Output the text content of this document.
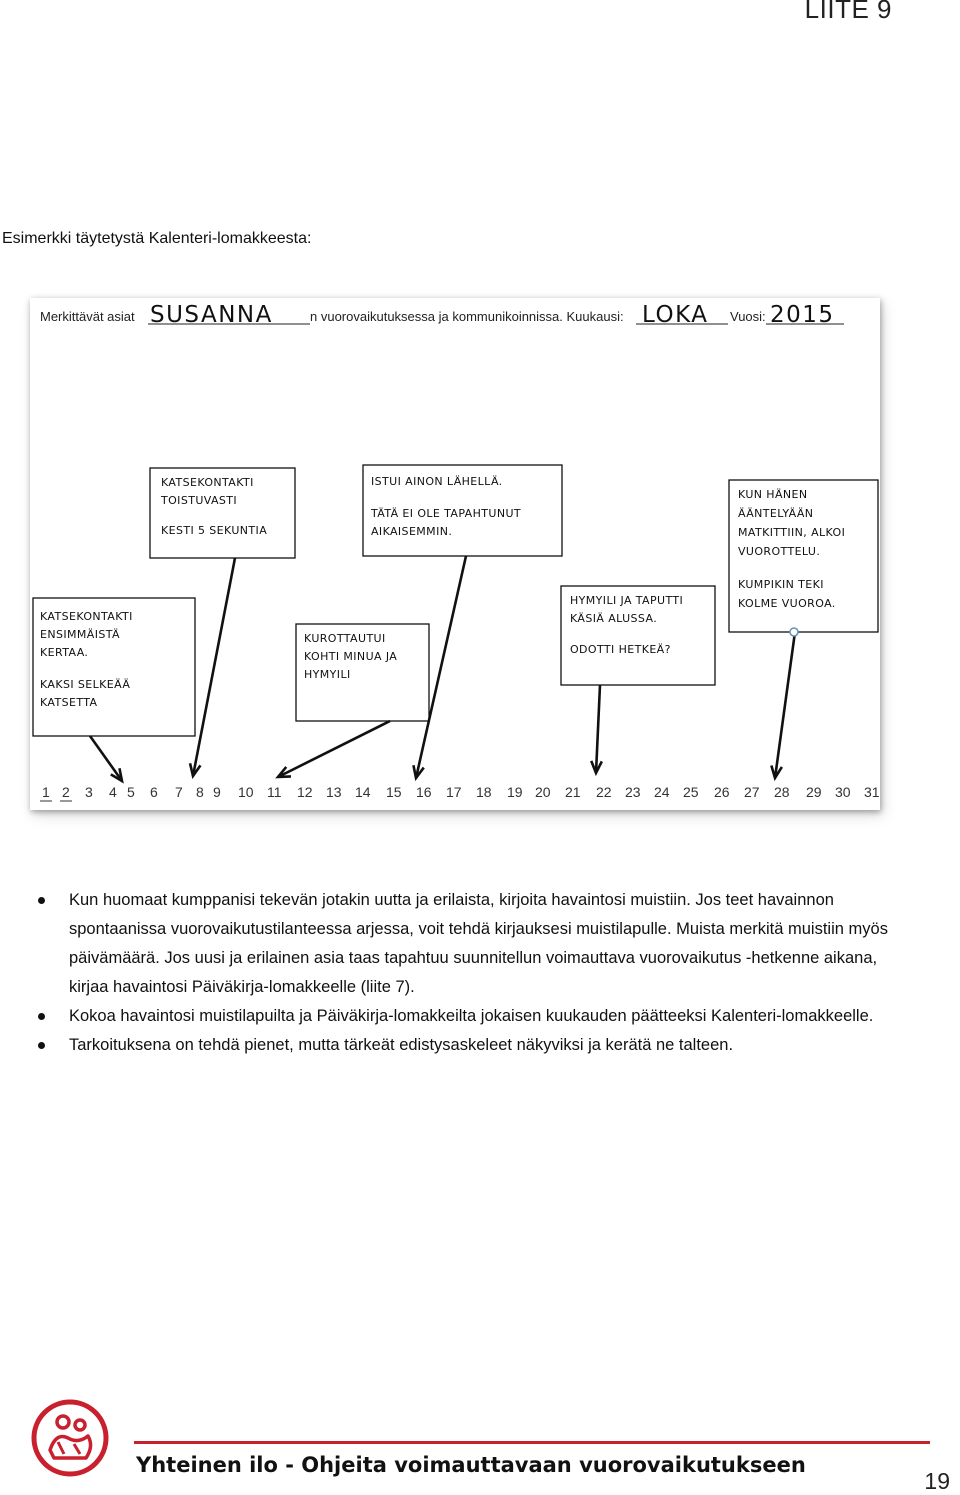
LIITE 9
Esimerkki täytetystä Kalenteri-lomakkeesta:
Merkittävät asiat SUSANNA	n vuorovaikutuksessa ja kommunikoinnissa. Kuukausi: LOKA Vuosi: 2015
KATSEKONTAKTI ENSIMMÄISTÄ KERTAA. KAKSI SELKEÄÄ KATSETTA
KATSEKONTAKTI TOISTUVASTI KESTI 5 SEKUNTIA
KUROTTAUTUI KOHTI MINUA JA HYMYILI
ISTUI AINON LÄHELLÄ. TÄTÄ EI OLE TAPAHTUNUT AIKAISEMMIN.
HYMYILI JA TAPUTTI KÄSIÄ ALUSSA. ODOTTI HETKEÄ?
KUN HÄNEN ÄÄNTELYÄÄN MATKITTIIN, ALKOI VUOROTTELU. KUMPIKIN TEKI KOLME VUOROA.
1 2 3 4 5 6 7 8 9 10 11 12 13 14 15 16 17 18 19 20 21 22 23 24 25 26 27 28 29 30 31
Kun huomaat kumppanisi tekevän jotakin uutta ja erilaista, kirjoita havaintosi muistiin. Jos teet havainnon spontaanissa vuorovaikutustilanteessa arjessa, voit tehdä kirjauksesi muistilapulle. Muista merkitä muistiin myös päivämäärä. Jos uusi ja erilainen asia taas tapahtuu suunnitellun voimauttava vuorovaikutus -hetkenne aikana, kirjaa havaintosi Päiväkirja-lomakkeelle (liite 7).
Kokoa havaintosi muistilapuilta ja Päiväkirja-lomakkeilta jokaisen kuukauden päätteeksi Kalenteri-lomakkeelle.
Tarkoituksena on tehdä pienet, mutta tärkeät edistysaskeleet näkyviksi ja kerätä ne talteen.
Yhteinen ilo - Ohjeita voimauttavaan vuorovaikutukseen
19
